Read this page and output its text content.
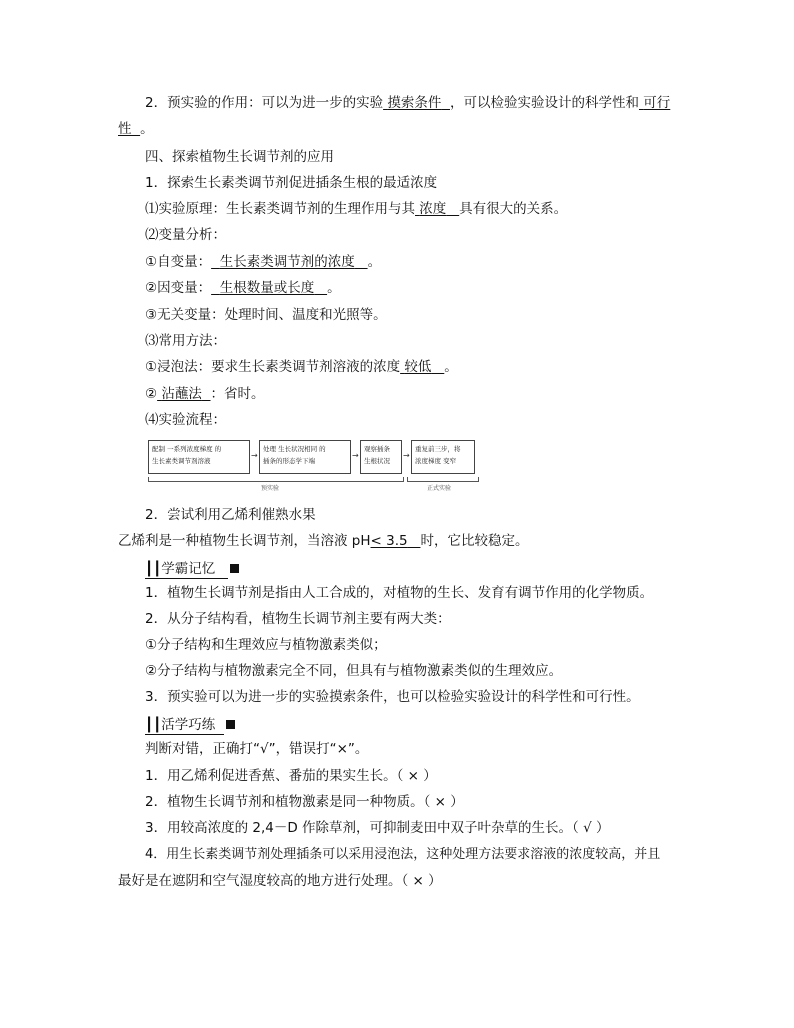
2．预实验的作用：可以为进一步的实验 摸索条件 ，可以检验实验设计的科学性和 可行
性 。
四、探索植物生长调节剂的应用
1．探索生长素类调节剂促进插条生根的最适浓度
⑴实验原理：生长素类调节剂的生理作用与其 浓度 具有很大的关系。
⑵变量分析：
①自变量： 生长素类调节剂的浓度 。
②因变量： 生根数量或长度 。
③无关变量：处理时间、温度和光照等。
⑶常用方法：
①浸泡法：要求生长素类调节剂溶液的浓度 较低 。
② 沾蘸法 ：省时。
⑷实验流程：
配制 一系列浓度梯度 的
生长素类调节剂溶液
→
处理 生长状况相同 的
插条的形态学下端
→
观察插条
生根状况
→
重复前三步，将
浓度梯度 变窄
预实验	正式实验
2．尝试利用乙烯利催熟水果
乙烯利是一种植物生长调节剂，当溶液 pH< 3.5 时，它比较稳定。
┃┃学霸记忆
1．植物生长调节剂是指由人工合成的，对植物的生长、发育有调节作用的化学物质。
2．从分子结构看，植物生长调节剂主要有两大类：
①分子结构和生理效应与植物激素类似；
②分子结构与植物激素完全不同，但具有与植物激素类似的生理效应。
3．预实验可以为进一步的实验摸索条件，也可以检验实验设计的科学性和可行性。
┃┃活学巧练
判断对错，正确打“√”，错误打“×”。
1．用乙烯利促进香蕉、番茄的果实生长。（ × ）
2．植物生长调节剂和植物激素是同一种物质。（ × ）
3．用较高浓度的 2,4－D 作除草剂，可抑制麦田中双子叶杂草的生长。（ √ ）
4．用生长素类调节剂处理插条可以采用浸泡法，这种处理方法要求溶液的浓度较高，并且
最好是在遮阴和空气湿度较高的地方进行处理。（ × ）
